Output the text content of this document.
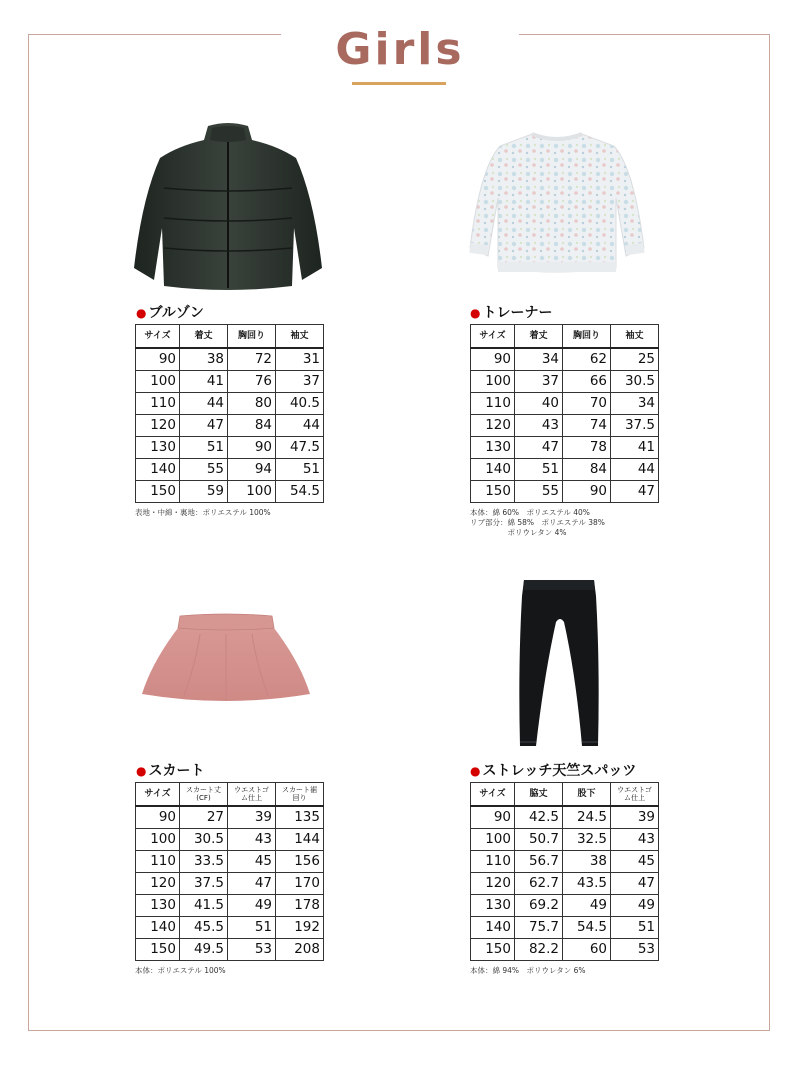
Girls
● ブルゾン
サイズ	着丈	胸回り	袖丈
90	38	72	31
100	41	76	37
110	44	80	40.5
120	47	84	44
130	51	90	47.5
140	55	94	51
150	59	100	54.5
表地・中綿・裏地：ポリエステル 100%
● トレーナー
サイズ	着丈	胸回り	袖丈
90	34	62	25
100	37	66	30.5
110	40	70	34
120	43	74	37.5
130	47	78	41
140	51	84	44
150	55	90	47
本体：綿 60%　ポリエステル 40%
リブ部分：綿 58%　ポリエステル 38%
　　　　　ポリウレタン 4%
● スカート
サイズ	スカート丈(CF)	ウエストゴム仕上	スカート裾回り
90	27	39	135
100	30.5	43	144
110	33.5	45	156
120	37.5	47	170
130	41.5	49	178
140	45.5	51	192
150	49.5	53	208
本体：ポリエステル 100%
● ストレッチ天竺スパッツ
サイズ	脇丈	股下	ウエストゴム仕上
90	42.5	24.5	39
100	50.7	32.5	43
110	56.7	38	45
120	62.7	43.5	47
130	69.2	49	49
140	75.7	54.5	51
150	82.2	60	53
本体：綿 94%　ポリウレタン 6%
